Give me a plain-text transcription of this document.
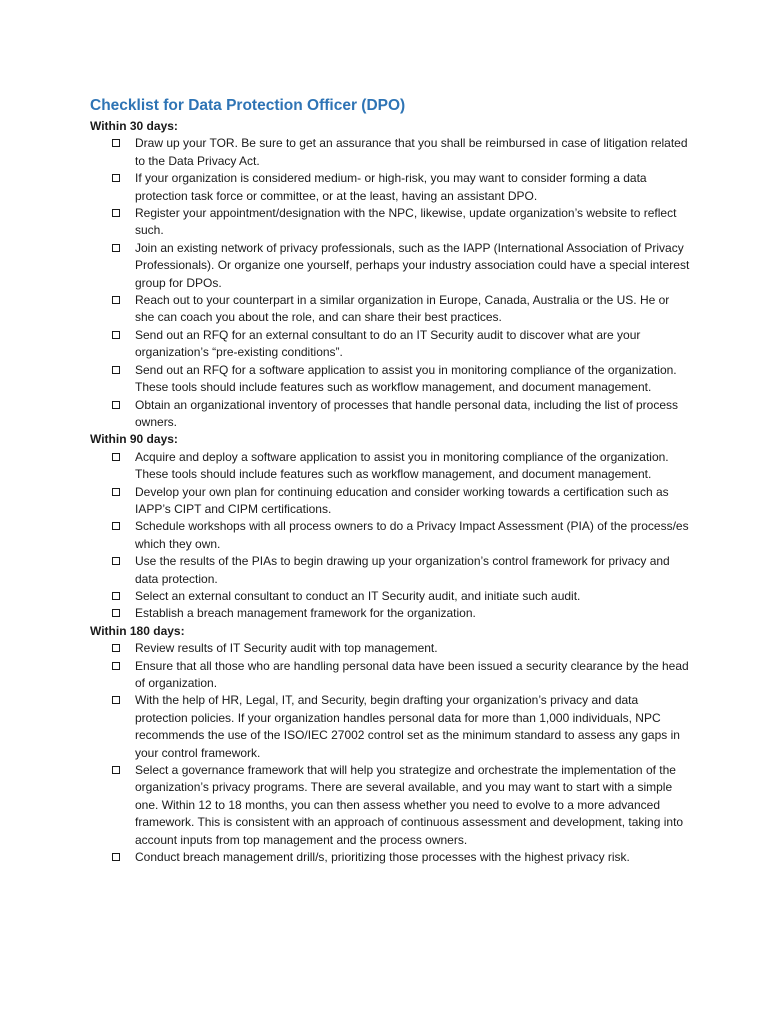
Checklist for Data Protection Officer (DPO)
Within 30 days:
Draw up your TOR. Be sure to get an assurance that you shall be reimbursed in case of litigation related to the Data Privacy Act.
If your organization is considered medium- or high-risk, you may want to consider forming a data protection task force or committee, or at the least, having an assistant DPO.
Register your appointment/designation with the NPC, likewise, update organization’s website to reflect such.
Join an existing network of privacy professionals, such as the IAPP (International Association of Privacy Professionals). Or organize one yourself, perhaps your industry association could have a special interest group for DPOs.
Reach out to your counterpart in a similar organization in Europe, Canada, Australia or the US. He or she can coach you about the role, and can share their best practices.
Send out an RFQ for an external consultant to do an IT Security audit to discover what are your organization’s “pre-existing conditions”.
Send out an RFQ for a software application to assist you in monitoring compliance of the organization. These tools should include features such as workflow management, and document management.
Obtain an organizational inventory of processes that handle personal data, including the list of process owners.
Within 90 days:
Acquire and deploy a software application to assist you in monitoring compliance of the organization. These tools should include features such as workflow management, and document management.
Develop your own plan for continuing education and consider working towards a certification such as IAPP’s CIPT and CIPM certifications.
Schedule workshops with all process owners to do a Privacy Impact Assessment (PIA) of the process/es which they own.
Use the results of the PIAs to begin drawing up your organization’s control framework for privacy and data protection.
Select an external consultant to conduct an IT Security audit, and initiate such audit.
Establish a breach management framework for the organization.
Within 180 days:
Review results of IT Security audit with top management.
Ensure that all those who are handling personal data have been issued a security clearance by the head of organization.
With the help of HR, Legal, IT, and Security, begin drafting your organization’s privacy and data protection policies. If your organization handles personal data for more than 1,000 individuals, NPC recommends the use of the ISO/IEC 27002 control set as the minimum standard to assess any gaps in your control framework.
Select a governance framework that will help you strategize and orchestrate the implementation of the organization’s privacy programs. There are several available, and you may want to start with a simple one. Within 12 to 18 months, you can then assess whether you need to evolve to a more advanced framework. This is consistent with an approach of continuous assessment and development, taking into account inputs from top management and the process owners.
Conduct breach management drill/s, prioritizing those processes with the highest privacy risk.
